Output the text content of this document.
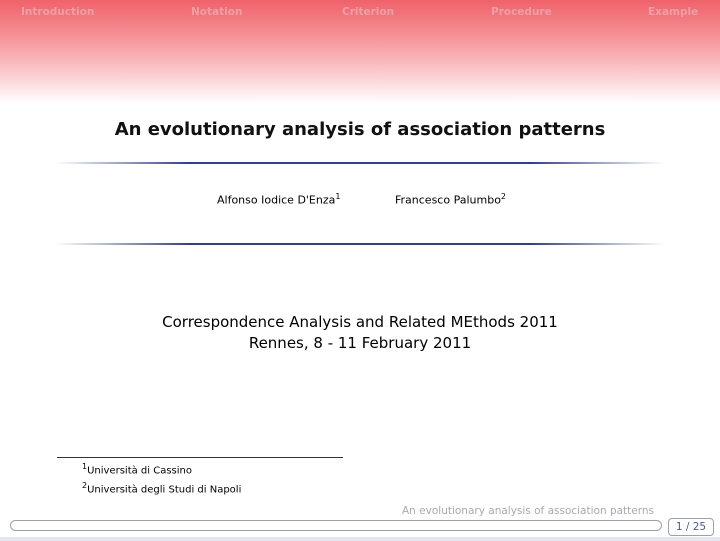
Introduction	Notation	Criterion	Procedure	Example
An evolutionary analysis of association patterns
Alfonso Iodice D'Enza$^1$	Francesco Palumbo$^2$
Correspondence Analysis and Related MEthods 2011
Rennes, 8 - 11 February 2011
$^1$Università di Cassino
$^2$Università degli Studi di Napoli
An evolutionary analysis of association patterns
1 / 25
